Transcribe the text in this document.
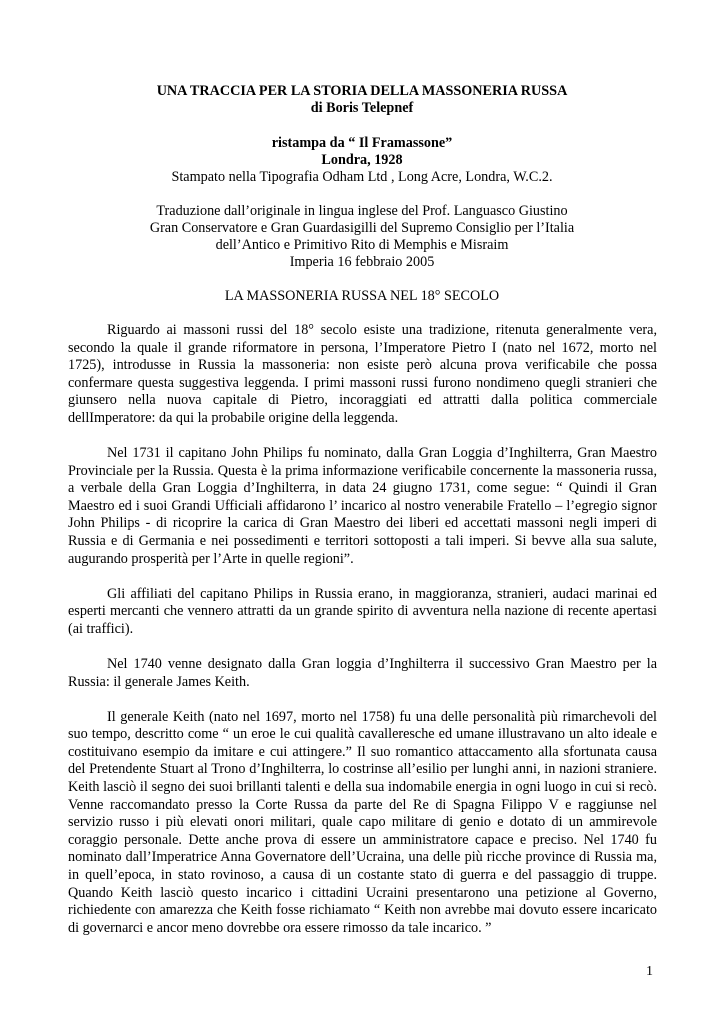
UNA TRACCIA PER LA STORIA DELLA MASSONERIA RUSSA
di Boris Telepnef
ristampa da “ Il Framassone”
Londra, 1928
Stampato nella Tipografia Odham Ltd , Long Acre, Londra, W.C.2.
Traduzione dall’originale in lingua inglese del Prof. Languasco Giustino
Gran Conservatore e Gran Guardasigilli del Supremo Consiglio per l’Italia
dell’Antico e Primitivo Rito di Memphis e Misraim
Imperia 16 febbraio 2005
LA MASSONERIA RUSSA NEL 18° SECOLO

Riguardo ai massoni russi del 18° secolo esiste una tradizione, ritenuta generalmente vera, secondo la quale il grande riformatore in persona, l’Imperatore Pietro I (nato nel 1672, morto nel 1725), introdusse in Russia la massoneria: non esiste però alcuna prova verificabile che possa confermare questa suggestiva leggenda. I primi massoni russi furono nondimeno quegli stranieri che giunsero nella nuova capitale di Pietro, incoraggiati ed attratti dalla politica commerciale dellImperatore: da qui la probabile origine della leggenda.

Nel 1731 il capitano John Philips fu nominato, dalla Gran Loggia d’Inghilterra, Gran Maestro Provinciale per la Russia. Questa è la prima informazione verificabile concernente la massoneria russa, a verbale della Gran Loggia d’Inghilterra, in data 24 giugno 1731, come segue: “ Quindi il Gran Maestro ed i suoi Grandi Ufficiali affidarono l’ incarico al nostro venerabile Fratello – l’egregio signor John Philips - di ricoprire la carica di Gran Maestro dei liberi ed accettati massoni negli imperi di Russia e di Germania e nei possedimenti e territori sottoposti a tali imperi. Si bevve alla sua salute, augurando prosperità per l’Arte in quelle regioni”.

Gli affiliati del capitano Philips in Russia erano, in maggioranza, stranieri, audaci marinai ed esperti mercanti che vennero attratti da un grande spirito di avventura nella nazione di recente apertasi (ai traffici).

Nel 1740 venne designato dalla Gran loggia d’Inghilterra il successivo Gran Maestro per la Russia: il generale James Keith.

Il generale Keith (nato nel 1697, morto nel 1758) fu una delle personalità più rimarchevoli del suo tempo, descritto come “ un eroe le cui qualità cavalleresche ed umane illustravano un alto ideale e costituivano esempio da imitare e cui attingere.” Il suo romantico attaccamento alla sfortunata causa del Pretendente Stuart al Trono d’Inghilterra, lo costrinse all’esilio per lunghi anni, in nazioni straniere. Keith lasciò il segno dei suoi brillanti talenti e della sua indomabile energia in ogni luogo in cui si recò. Venne raccomandato presso la Corte Russa da parte del Re di Spagna Filippo V e raggiunse nel servizio russo i più elevati onori militari, quale capo militare di genio e dotato di un ammirevole coraggio personale. Dette anche prova di essere un amministratore capace e preciso. Nel 1740 fu nominato dall’Imperatrice Anna Governatore dell’Ucraina, una delle più ricche province di Russia ma, in quell’epoca, in stato rovinoso, a causa di un costante stato di guerra e del passaggio di truppe. Quando Keith lasciò questo incarico i cittadini Ucraini presentarono una petizione al Governo, richiedente con amarezza che Keith fosse richiamato “ Keith non avrebbe mai dovuto essere incaricato di governarci e ancor meno dovrebbe ora essere rimosso da tale incarico. ”

1
